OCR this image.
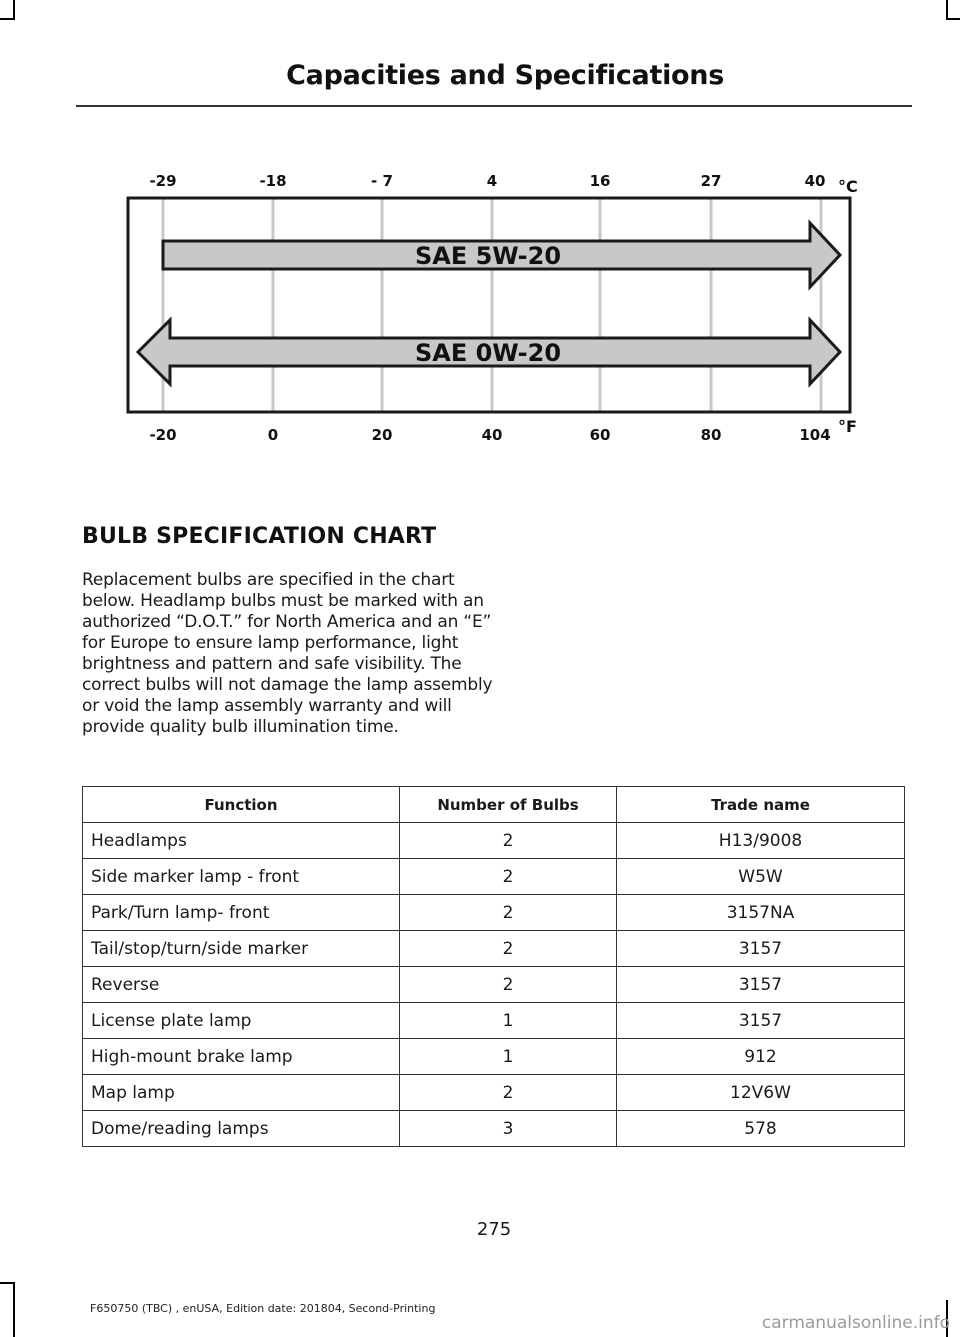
Capacities and Specifications
-29	-18	- 7	4	16	27	40 °C
-20	0	20	40	60	80	104 °F
SAE 5W-20
SAE 0W-20
BULB SPECIFICATION CHART

Replacement bulbs are specified in the chart below. Headlamp bulbs must be marked with an authorized “D.O.T.” for North America and an “E” for Europe to ensure lamp performance, light brightness and pattern and safe visibility. The correct bulbs will not damage the lamp assembly or void the lamp assembly warranty and will provide quality bulb illumination time.

Function	Number of Bulbs	Trade name
Headlamps	2	H13/9008
Side marker lamp - front	2	W5W
Park/Turn lamp- front	2	3157NA
Tail/stop/turn/side marker	2	3157
Reverse	2	3157
License plate lamp	1	3157
High-mount brake lamp	1	912
Map lamp	2	12V6W
Dome/reading lamps	3	578
275
F650750 (TBC) , enUSA, Edition date: 201804, Second-Printing
carmanualsonline.info
